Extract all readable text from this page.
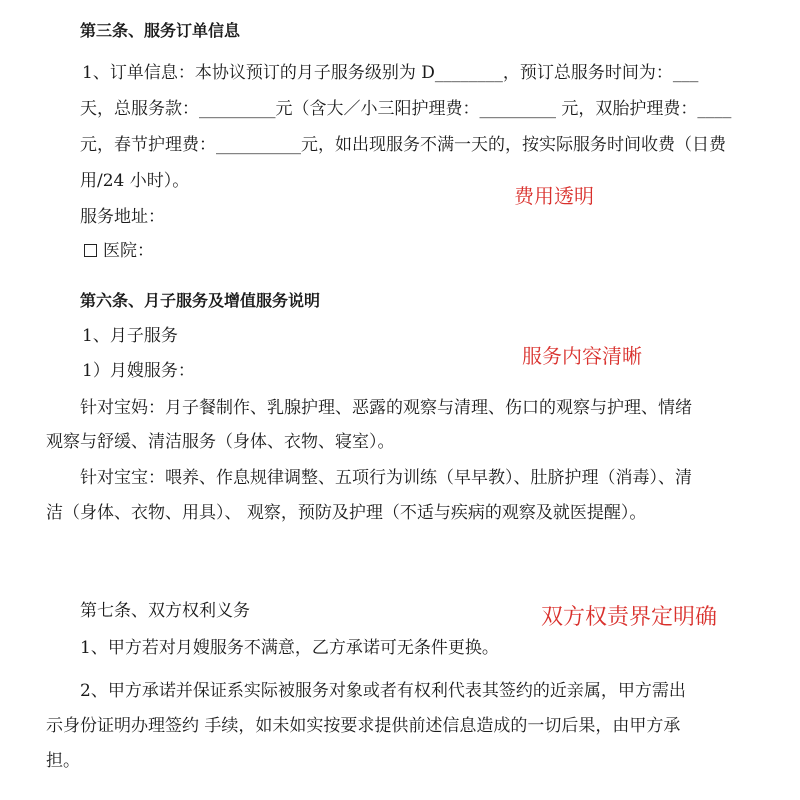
第三条、服务订单信息
1、订单信息：本协议预订的月子服务级别为 D________，预订总服务时间为：___
天，总服务款：_________元（含大／小三阳护理费：_________ 元，双胎护理费：____
元，春节护理费：__________元，如出现服务不满一天的，按实际服务时间收费（日费
用/24 小时）。
服务地址：
医院：
第六条、月子服务及增值服务说明
1、月子服务
1）月嫂服务：
针对宝妈：月子餐制作、乳腺护理、恶露的观察与清理、伤口的观察与护理、情绪
观察与舒缓、清洁服务（身体、衣物、寝室）。
针对宝宝：喂养、作息规律调整、五项行为训练（早早教）、肚脐护理（消毒）、清
洁（身体、衣物、用具）、 观察，预防及护理（不适与疾病的观察及就医提醒）。
第七条、双方权利义务
1、甲方若对月嫂服务不满意，乙方承诺可无条件更换。
2、甲方承诺并保证系实际被服务对象或者有权利代表其签约的近亲属，甲方需出
示身份证明办理签约 手续，如未如实按要求提供前述信息造成的一切后果，由甲方承
担。
费用透明
服务内容清晰
双方权责界定明确
